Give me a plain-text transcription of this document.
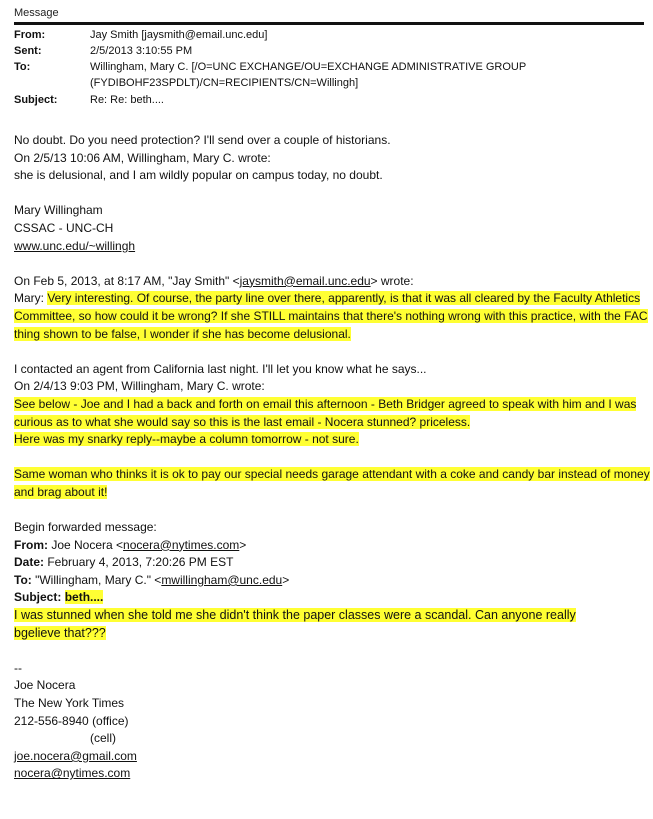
Message
From:	Jay Smith [jaysmith@email.unc.edu]
Sent:	2/5/2013 3:10:55 PM
To:	Willingham, Mary C. [/O=UNC EXCHANGE/OU=EXCHANGE ADMINISTRATIVE GROUP
(FYDIBOHF23SPDLT)/CN=RECIPIENTS/CN=Willingh]
Subject:	Re: Re: beth....
No doubt. Do you need protection? I'll send over a couple of historians.
On 2/5/13 10:06 AM, Willingham, Mary C. wrote:
she is delusional, and I am wildly popular on campus today, no doubt.
Mary Willingham
CSSAC - UNC-CH
www.unc.edu/~willingh
On Feb 5, 2013, at 8:17 AM, "Jay Smith" <jaysmith@email.unc.edu> wrote:
Mary: Very interesting. Of course, the party line over there, apparently, is that it was all cleared by the Faculty Athletics
Committee, so how could it be wrong? If she STILL maintains that there's nothing wrong with this practice, with the FAC
thing shown to be false, I wonder if she has become delusional.
I contacted an agent from California last night. I'll let you know what he says...
On 2/4/13 9:03 PM, Willingham, Mary C. wrote:
See below - Joe and I had a back and forth on email this afternoon - Beth Bridger agreed to speak with him and I was
curious as to what she would say so this is the last email - Nocera stunned? priceless.
Here was my snarky reply--maybe a column tomorrow - not sure.
Same woman who thinks it is ok to pay our special needs garage attendant with a coke and candy bar instead of money
and brag about it!
Begin forwarded message:
From: Joe Nocera <nocera@nytimes.com>
Date: February 4, 2013, 7:20:26 PM EST
To: "Willingham, Mary C." <mwillingham@unc.edu>
Subject: beth....
I was stunned when she told me she didn't think the paper classes were a scandal. Can anyone really
bgelieve that???
--
Joe Nocera
The New York Times
212-556-8940 (office)
(cell)
joe.nocera@gmail.com
nocera@nytimes.com
